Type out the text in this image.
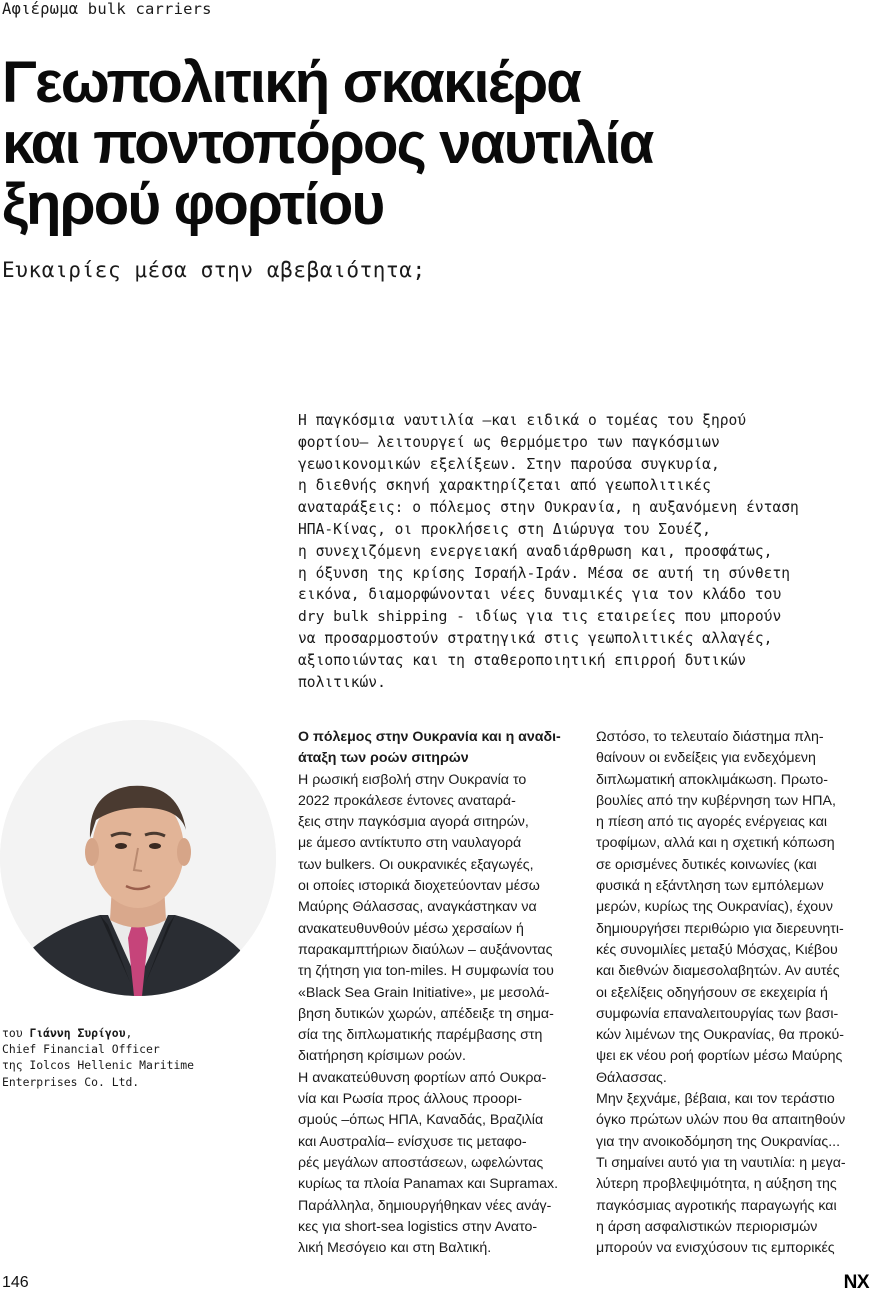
Αφιέρωμα bulk carriers
Γεωπολιτική σκακιέρα
και ποντοπόρος ναυτιλία
ξηρού φορτίου
Ευκαιρίες μέσα στην αβεβαιότητα;
Η παγκόσμια ναυτιλία –και ειδικά ο τομέας του ξηρού
φορτίου– λειτουργεί ως θερμόμετρο των παγκόσμιων
γεωοικονομικών εξελίξεων. Στην παρούσα συγκυρία,
η διεθνής σκηνή χαρακτηρίζεται από γεωπολιτικές
αναταράξεις: ο πόλεμος στην Ουκρανία, η αυξανόμενη ένταση
ΗΠΑ-Κίνας, οι προκλήσεις στη Διώρυγα του Σουέζ,
η συνεχιζόμενη ενεργειακή αναδιάρθρωση και, προσφάτως,
η όξυνση της κρίσης Ισραήλ-Ιράν. Μέσα σε αυτή τη σύνθετη
εικόνα, διαμορφώνονται νέες δυναμικές για τον κλάδο του
dry bulk shipping - ιδίως για τις εταιρείες που μπορούν
να προσαρμοστούν στρατηγικά στις γεωπολιτικές αλλαγές,
αξιοποιώντας και τη σταθεροποιητική επιρροή δυτικών
πολιτικών.
του Γιάννη Συρίγου,
Chief Financial Officer
της Iolcos Hellenic Maritime
Enterprises Co. Ltd.
Ο πόλεμος στην Ουκρανία και η αναδι-
άταξη των ροών σιτηρών
Η ρωσική εισβολή στην Ουκρανία το
2022 προκάλεσε έντονες αναταρά-
ξεις στην παγκόσμια αγορά σιτηρών,
με άμεσο αντίκτυπο στη ναυλαγορά
των bulkers. Οι ουκρανικές εξαγωγές,
οι οποίες ιστορικά διοχετεύονταν μέσω
Μαύρης Θάλασσας, αναγκάστηκαν να
ανακατευθυνθούν μέσω χερσαίων ή
παρακαμπτήριων διαύλων – αυξάνοντας
τη ζήτηση για ton-miles. Η συμφωνία του
«Black Sea Grain Initiative», με μεσολά-
βηση δυτικών χωρών, απέδειξε τη σημα-
σία της διπλωματικής παρέμβασης στη
διατήρηση κρίσιμων ροών.
Η ανακατεύθυνση φορτίων από Ουκρα-
νία και Ρωσία προς άλλους προορι-
σμούς –όπως ΗΠΑ, Καναδάς, Βραζιλία
και Αυστραλία– ενίσχυσε τις μεταφο-
ρές μεγάλων αποστάσεων, ωφελώντας
κυρίως τα πλοία Panamax και Supramax.
Παράλληλα, δημιουργήθηκαν νέες ανάγ-
κες για short-sea logistics στην Ανατο-
λική Μεσόγειο και στη Βαλτική.
Ωστόσο, το τελευταίο διάστημα πλη-
θαίνουν οι ενδείξεις για ενδεχόμενη
διπλωματική αποκλιμάκωση. Πρωτο-
βουλίες από την κυβέρνηση των ΗΠΑ,
η πίεση από τις αγορές ενέργειας και
τροφίμων, αλλά και η σχετική κόπωση
σε ορισμένες δυτικές κοινωνίες (και
φυσικά η εξάντληση των εμπόλεμων
μερών, κυρίως της Ουκρανίας), έχουν
δημιουργήσει περιθώριο για διερευνητι-
κές συνομιλίες μεταξύ Μόσχας, Κιέβου
και διεθνών διαμεσολαβητών. Αν αυτές
οι εξελίξεις οδηγήσουν σε εκεχειρία ή
συμφωνία επαναλειτουργίας των βασι-
κών λιμένων της Ουκρανίας, θα προκύ-
ψει εκ νέου ροή φορτίων μέσω Μαύρης
Θάλασσας.
Μην ξεχνάμε, βέβαια, και τον τεράστιο
όγκο πρώτων υλών που θα απαιτηθούν
για την ανοικοδόμηση της Ουκρανίας...
Τι σημαίνει αυτό για τη ναυτιλία: η μεγα-
λύτερη προβλεψιμότητα, η αύξηση της
παγκόσμιας αγροτικής παραγωγής και
η άρση ασφαλιστικών περιορισμών
μπορούν να ενισχύσουν τις εμπορικές
146	NX
